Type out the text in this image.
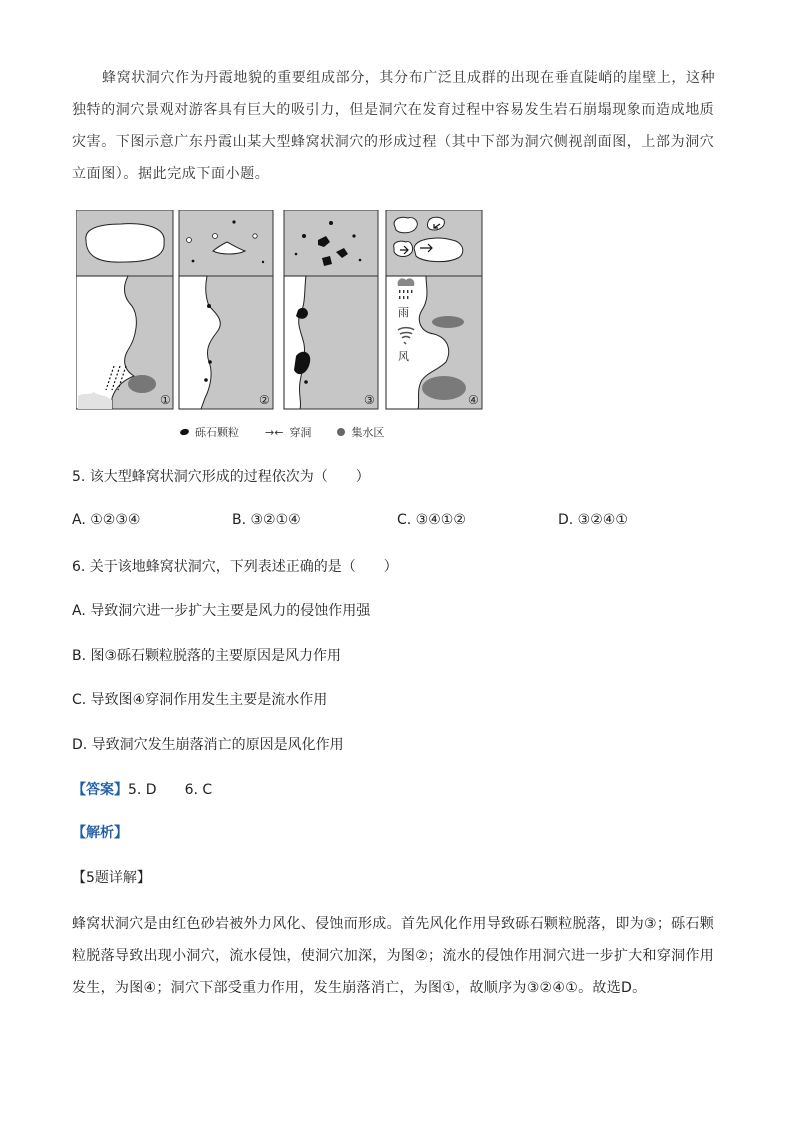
蜂窝状洞穴作为丹霞地貌的重要组成部分，其分布广泛且成群的出现在垂直陡峭的崖壁上，这种独特的洞穴景观对游客具有巨大的吸引力，但是洞穴在发育过程中容易发生岩石崩塌现象而造成地质灾害。下图示意广东丹霞山某大型蜂窝状洞穴的形成过程（其中下部为洞穴侧视剖面图，上部为洞穴立面图）。据此完成下面小题。
①	②	③
雨
风
④
砾石颗粒 →← 穿洞	集水区
5. 该大型蜂窝状洞穴形成的过程依次为（　　）
A. ①②③④	B. ③②①④	C. ③④①②	D. ③②④①
6. 关于该地蜂窝状洞穴，下列表述正确的是（　　）
A. 导致洞穴进一步扩大主要是风力的侵蚀作用强
B. 图③砾石颗粒脱落的主要原因是风力作用
C. 导致图④穿洞作用发生主要是流水作用
D. 导致洞穴发生崩落消亡的原因是风化作用
【答案】5. D　　6. C
【解析】
【5题详解】
蜂窝状洞穴是由红色砂岩被外力风化、侵蚀而形成。首先风化作用导致砾石颗粒脱落，即为③；砾石颗粒脱落导致出现小洞穴，流水侵蚀，使洞穴加深，为图②；流水的侵蚀作用洞穴进一步扩大和穿洞作用发生，为图④；洞穴下部受重力作用，发生崩落消亡，为图①，故顺序为③②④①。故选D。
